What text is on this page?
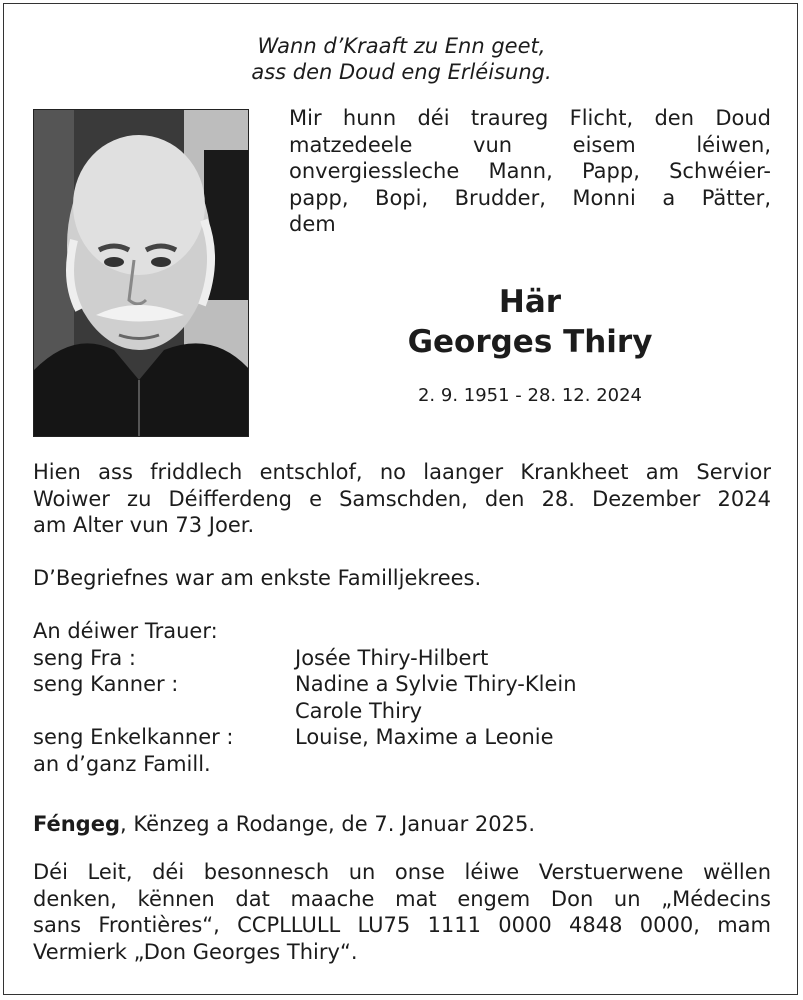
Wann d’Kraaft zu Enn geet,
ass den Doud eng Erléisung.
Mir hunn déi traureg Flicht, den Doud
matzedeele vun eisem léiwen,
onvergiessleche Mann, Papp, Schwéier-
papp, Bopi, Brudder, Monni a Pätter,
dem
Här
Georges Thiry
2. 9. 1951 - 28. 12. 2024
Hien ass friddlech entschlof, no laanger Krankheet am Servior
Woiwer zu Déifferdeng e Samschden, den 28. Dezember 2024
am Alter vun 73 Joer.
D’Begriefnes war am enkste Familljekrees.
An déiwer Trauer:
seng Fra :	Josée Thiry-Hilbert
seng Kanner :	Nadine a Sylvie Thiry-Klein
Carole Thiry
seng Enkelkanner :	Louise, Maxime a Leonie
an d’ganz Famill.
Féngeg, Kënzeg a Rodange, de 7. Januar 2025.
Déi Leit, déi besonnesch un onse léiwe Verstuerwene wëllen
denken, kënnen dat maache mat engem Don un „Médecins
sans Frontières“, CCPLLULL LU75 1111 0000 4848 0000, mam
Vermierk „Don Georges Thiry“.
